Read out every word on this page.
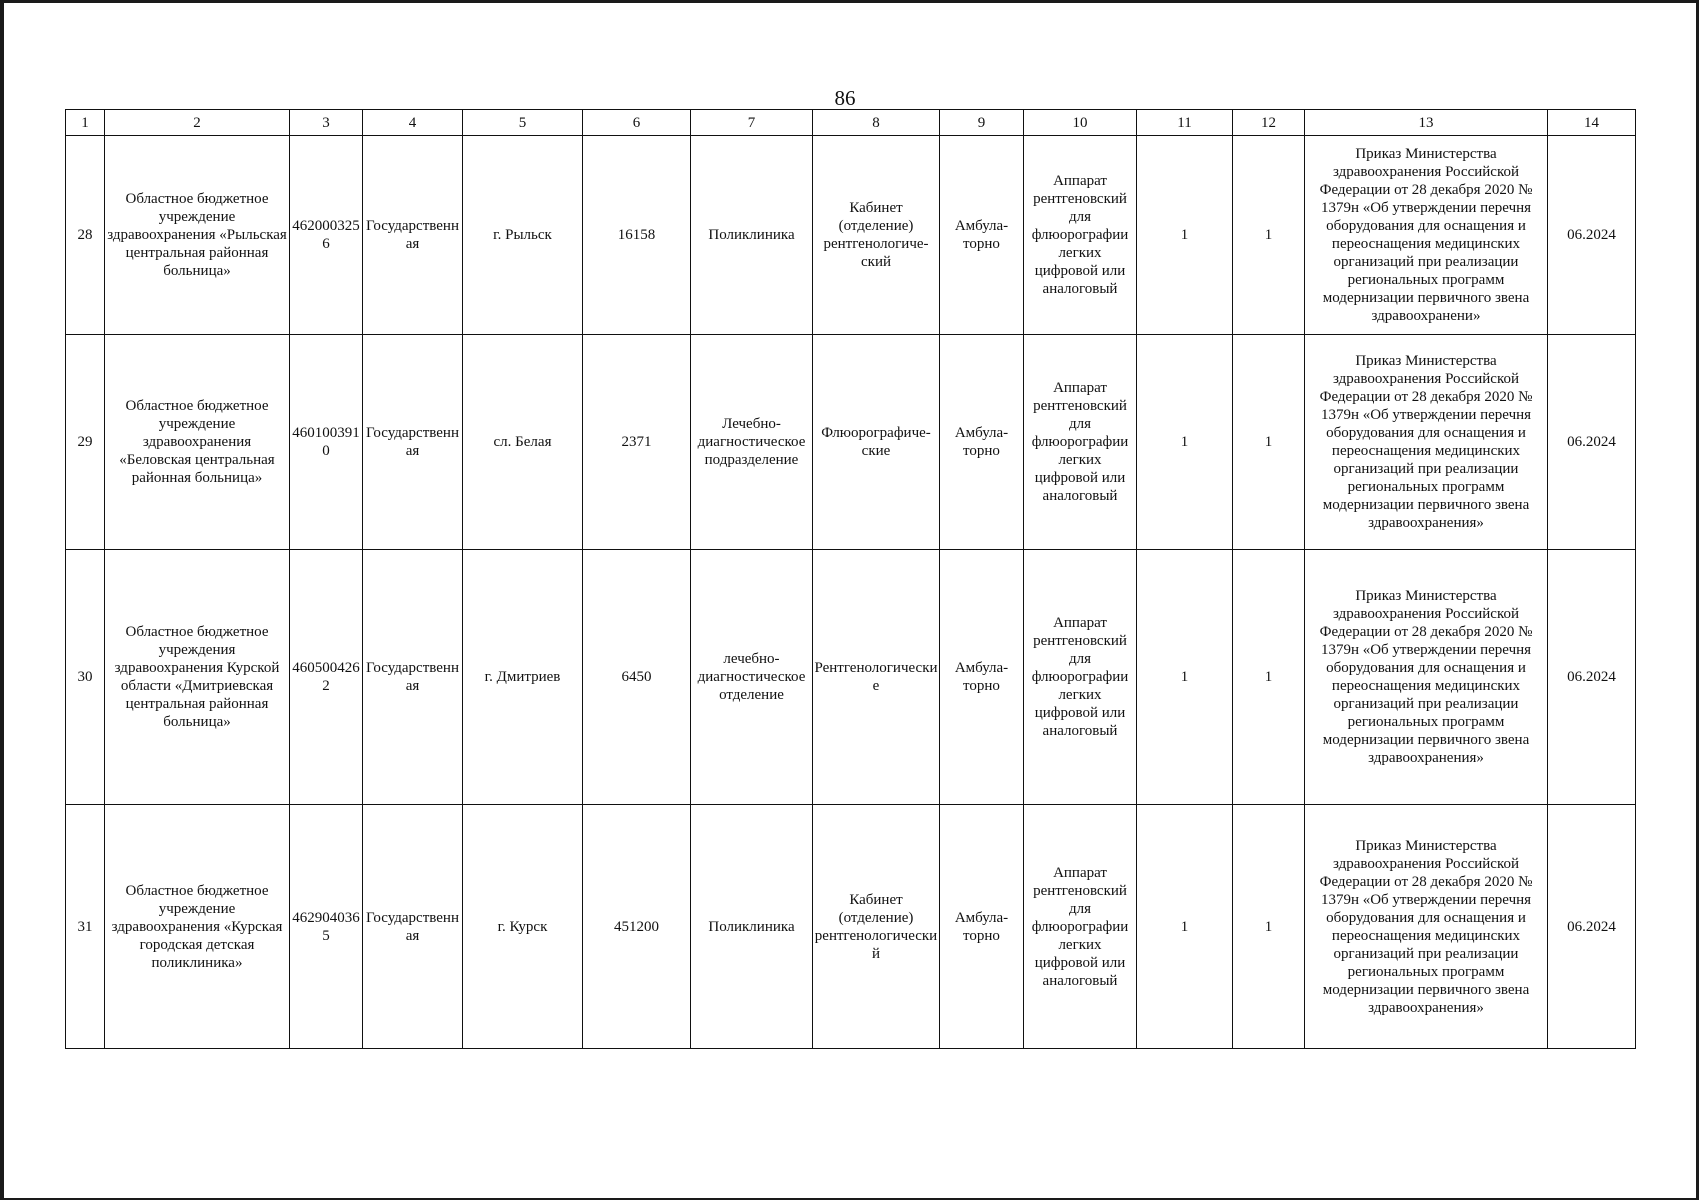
86
1	2	3	4	5	6	7	8	9	10	11	12	13	14
28	Областное бюджетное учреждение здравоохранения «Рыльская центральная районная больница»	4620003256	Государственная	г. Рыльск	16158	Поликлиника	Кабинет (отделение) рентгенологиче-ский	Амбула-торно	Аппарат рентгеновский для флюорографии легких цифровой или аналоговый	1	1	Приказ Министерства здравоохранения Российской Федерации от 28 декабря 2020 № 1379н «Об утверждении перечня оборудования для оснащения и переоснащения медицинских организаций при реализации региональных программ модернизации первичного звена здравоохранени»	06.2024
29	Областное бюджетное учреждение здравоохранения «Беловская центральная районная больница»	4601003910	Государственная	сл. Белая	2371	Лечебно-диагностическое подразделение	Флюорографиче-ские	Амбула-торно	Аппарат рентгеновский для флюорографии легких цифровой или аналоговый	1	1	Приказ Министерства здравоохранения Российской Федерации от 28 декабря 2020 № 1379н «Об утверждении перечня оборудования для оснащения и переоснащения медицинских организаций при реализации региональных программ модернизации первичного звена здравоохранения»	06.2024
30	Областное бюджетное учреждения здравоохранения Курской области «Дмитриевская центральная районная больница»	4605004262	Государственная	г. Дмитриев	6450	лечебно-диагностическое отделение	Рентгенологические	Амбула-торно	Аппарат рентгеновский для флюорографии легких цифровой или аналоговый	1	1	Приказ Министерства здравоохранения Российской Федерации от 28 декабря 2020 № 1379н «Об утверждении перечня оборудования для оснащения и переоснащения медицинских организаций при реализации региональных программ модернизации первичного звена здравоохранения»	06.2024
31	Областное бюджетное учреждение здравоохранения «Курская городская детская поликлиника»	4629040365	Государственная	г. Курск	451200	Поликлиника	Кабинет (отделение) рентгенологический	Амбула-торно	Аппарат рентгеновский для флюорографии легких цифровой или аналоговый	1	1	Приказ Министерства здравоохранения Российской Федерации от 28 декабря 2020 № 1379н «Об утверждении перечня оборудования для оснащения и переоснащения медицинских организаций при реализации региональных программ модернизации первичного звена здравоохранения»	06.2024
